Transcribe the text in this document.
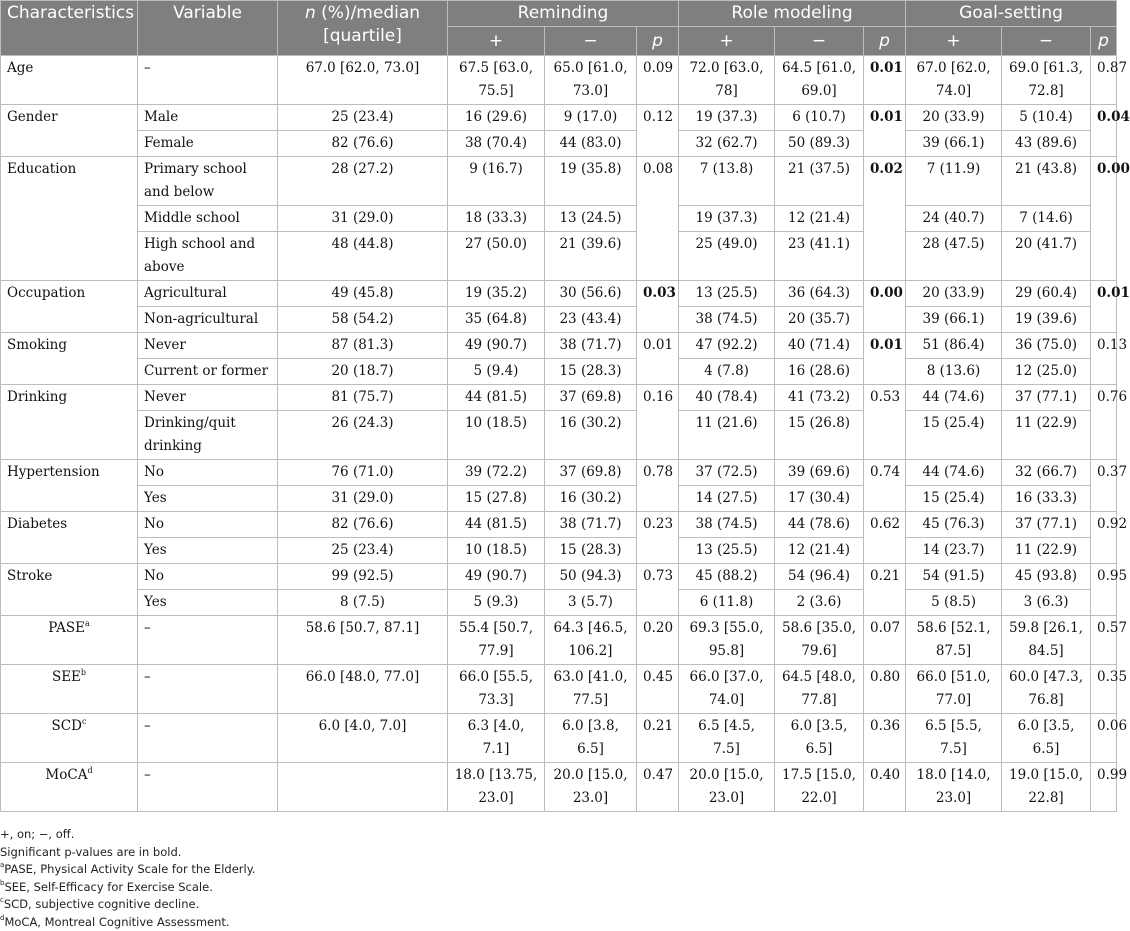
Characteristics	Variable	n (%)/median [quartile]	Reminding			Role modeling			Goal-setting		
			+	−	p	+	−	p	+	−	p
Age	–	67.0 [62.0, 73.0]	67.5 [63.0, 75.5]	65.0 [61.0, 73.0]	0.09	72.0 [63.0, 78]	64.5 [61.0, 69.0]	0.01	67.0 [62.0, 74.0]	69.0 [61.3, 72.8]	0.87
Gender	Male	25 (23.4)	16 (29.6)	9 (17.0)	0.12	19 (37.3)	6 (10.7)	0.01	20 (33.9)	5 (10.4)	0.04
	Female	82 (76.6)	38 (70.4)	44 (83.0)		32 (62.7)	50 (89.3)		39 (66.1)	43 (89.6)	
Education	Primary school and below	28 (27.2)	9 (16.7)	19 (35.8)	0.08	7 (13.8)	21 (37.5)	0.02	7 (11.9)	21 (43.8)	0.00
	Middle school	31 (29.0)	18 (33.3)	13 (24.5)		19 (37.3)	12 (21.4)		24 (40.7)	7 (14.6)	
	High school and above	48 (44.8)	27 (50.0)	21 (39.6)		25 (49.0)	23 (41.1)		28 (47.5)	20 (41.7)	
Occupation	Agricultural	49 (45.8)	19 (35.2)	30 (56.6)	0.03	13 (25.5)	36 (64.3)	0.00	20 (33.9)	29 (60.4)	0.01
	Non-agricultural	58 (54.2)	35 (64.8)	23 (43.4)		38 (74.5)	20 (35.7)		39 (66.1)	19 (39.6)	
Smoking	Never	87 (81.3)	49 (90.7)	38 (71.7)	0.01	47 (92.2)	40 (71.4)	0.01	51 (86.4)	36 (75.0)	0.13
	Current or former	20 (18.7)	5 (9.4)	15 (28.3)		4 (7.8)	16 (28.6)		8 (13.6)	12 (25.0)	
Drinking	Never	81 (75.7)	44 (81.5)	37 (69.8)	0.16	40 (78.4)	41 (73.2)	0.53	44 (74.6)	37 (77.1)	0.76
	Drinking/quit drinking	26 (24.3)	10 (18.5)	16 (30.2)		11 (21.6)	15 (26.8)		15 (25.4)	11 (22.9)	
Hypertension	No	76 (71.0)	39 (72.2)	37 (69.8)	0.78	37 (72.5)	39 (69.6)	0.74	44 (74.6)	32 (66.7)	0.37
	Yes	31 (29.0)	15 (27.8)	16 (30.2)		14 (27.5)	17 (30.4)		15 (25.4)	16 (33.3)	
Diabetes	No	82 (76.6)	44 (81.5)	38 (71.7)	0.23	38 (74.5)	44 (78.6)	0.62	45 (76.3)	37 (77.1)	0.92
	Yes	25 (23.4)	10 (18.5)	15 (28.3)		13 (25.5)	12 (21.4)		14 (23.7)	11 (22.9)	
Stroke	No	99 (92.5)	49 (90.7)	50 (94.3)	0.73	45 (88.2)	54 (96.4)	0.21	54 (91.5)	45 (93.8)	0.95
	Yes	8 (7.5)	5 (9.3)	3 (5.7)		6 (11.8)	2 (3.6)		5 (8.5)	3 (6.3)	
PASE$^a$	–	58.6 [50.7, 87.1]	55.4 [50.7, 77.9]	64.3 [46.5, 106.2]	0.20	69.3 [55.0, 95.8]	58.6 [35.0, 79.6]	0.07	58.6 [52.1, 87.5]	59.8 [26.1, 84.5]	0.57
SEE$^b$	–	66.0 [48.0, 77.0]	66.0 [55.5, 73.3]	63.0 [41.0, 77.5]	0.45	66.0 [37.0, 74.0]	64.5 [48.0, 77.8]	0.80	66.0 [51.0, 77.0]	60.0 [47.3, 76.8]	0.35
SCD$^c$	–	6.0 [4.0, 7.0]	6.3 [4.0, 7.1]	6.0 [3.8, 6.5]	0.21	6.5 [4.5, 7.5]	6.0 [3.5, 6.5]	0.36	6.5 [5.5, 7.5]	6.0 [3.5, 6.5]	0.06
MoCA$^d$	–		18.0 [13.75, 23.0]	20.0 [15.0, 23.0]	0.47	20.0 [15.0, 23.0]	17.5 [15.0, 22.0]	0.40	18.0 [14.0, 23.0]	19.0 [15.0, 22.8]	0.99
+, on; −, off.
Significant p-values are in bold.
$^a$PASE, Physical Activity Scale for the Elderly.
$^b$SEE, Self-Efficacy for Exercise Scale.
$^c$SCD, subjective cognitive decline.
$^d$MoCA, Montreal Cognitive Assessment.
